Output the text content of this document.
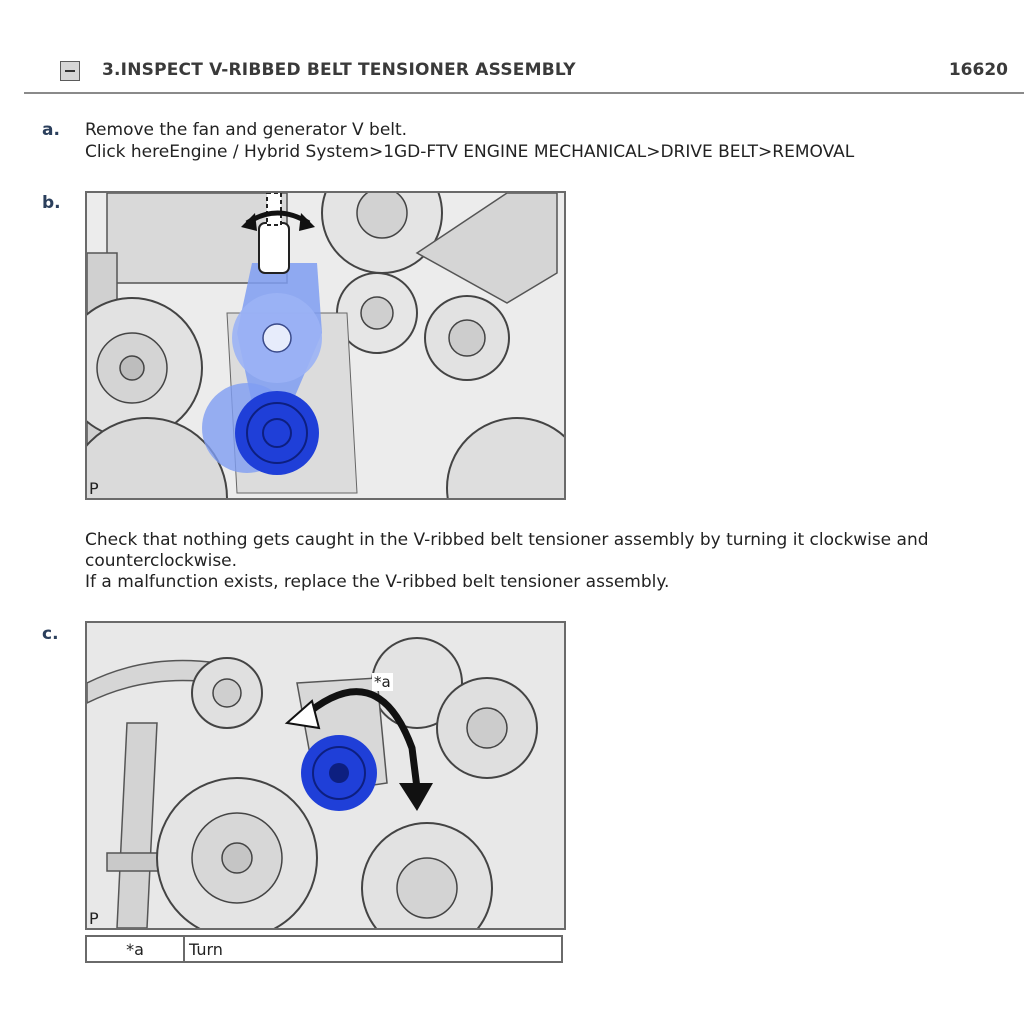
3.INSPECT V-RIBBED BELT TENSIONER ASSEMBLY	16620
a. Remove the fan and generator V belt.

Click hereEngine / Hybrid System>1GD-FTV ENGINE MECHANICAL>DRIVE BELT>REMOVAL

b.
P

Check that nothing gets caught in the V-ribbed belt tensioner assembly by turning it clockwise and counterclockwise.

If a malfunction exists, replace the V-ribbed belt tensioner assembly.

c.
*a
P
*a	Turn
